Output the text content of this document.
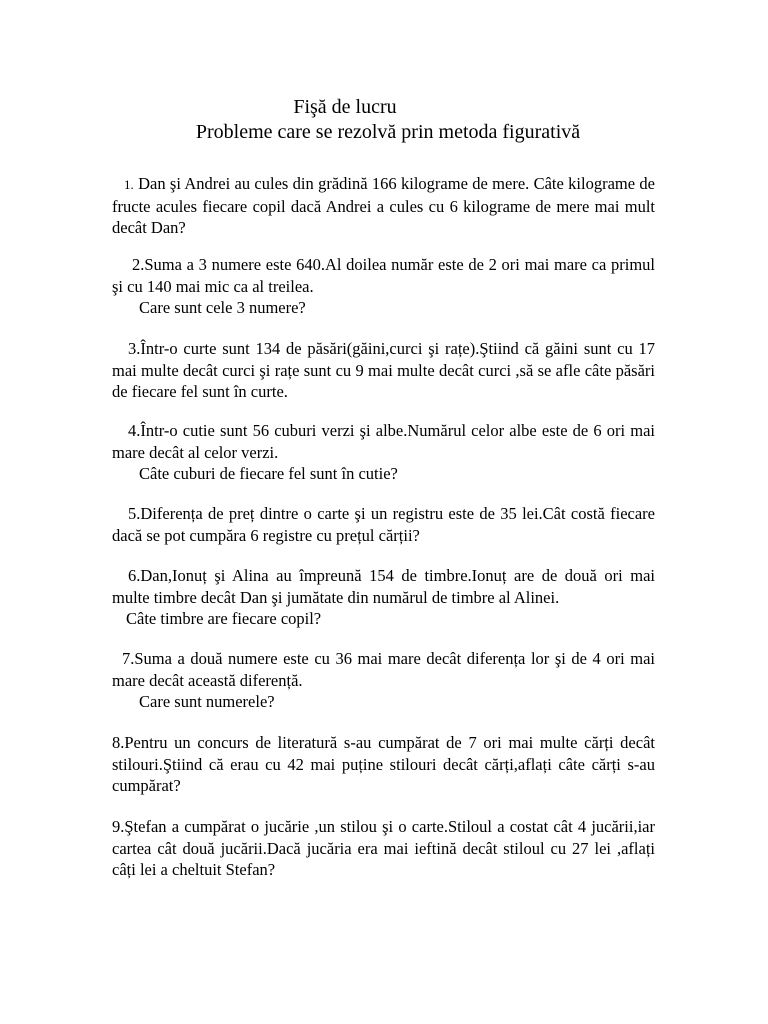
Fişă de lucru
Probleme care se rezolvă prin metoda figurativă

1. Dan şi Andrei au cules din grădină 166 kilograme de mere. Câte kilograme de fructe acules fiecare copil dacă Andrei a cules cu 6 kilograme de mere mai mult decât Dan?

2.Suma a 3 numere este 640.Al doilea număr este de 2 ori mai mare ca primul şi cu 140 mai mic ca al treilea.

Care sunt cele 3 numere?

3.Într-o curte sunt 134 de păsări(găini,curci şi rațe).Ştiind că găini sunt cu 17 mai multe decât curci şi rațe sunt cu 9 mai multe decât curci ,să se afle câte păsări de fiecare fel sunt în curte.

4.Într-o cutie sunt 56 cuburi verzi şi albe.Numărul celor albe este de 6 ori mai mare decât al celor verzi.

Câte cuburi de fiecare fel sunt în cutie?

5.Diferența de preț dintre o carte şi un registru este de 35 lei.Cât costă fiecare dacă se pot cumpăra 6 registre cu prețul cărții?

6.Dan,Ionuț şi Alina au împreună 154 de timbre.Ionuț are de două ori mai multe timbre decât Dan şi jumătate din numărul de timbre al Alinei.

Câte timbre are fiecare copil?

7.Suma a două numere este cu 36 mai mare decât diferența lor şi de 4 ori mai mare decât această diferență.

Care sunt numerele?

8.Pentru un concurs de literatură s-au cumpărat de 7 ori mai multe cărți decât stilouri.Ştiind că erau cu 42 mai puține stilouri decât cărți,aflați câte cărți s-au cumpărat?

9.Ştefan a cumpărat o jucărie ,un stilou şi o carte.Stiloul a costat cât 4 jucării,iar cartea cât două jucării.Dacă jucăria era mai ieftină decât stiloul cu 27 lei ,aflați câți lei a cheltuit Stefan?
